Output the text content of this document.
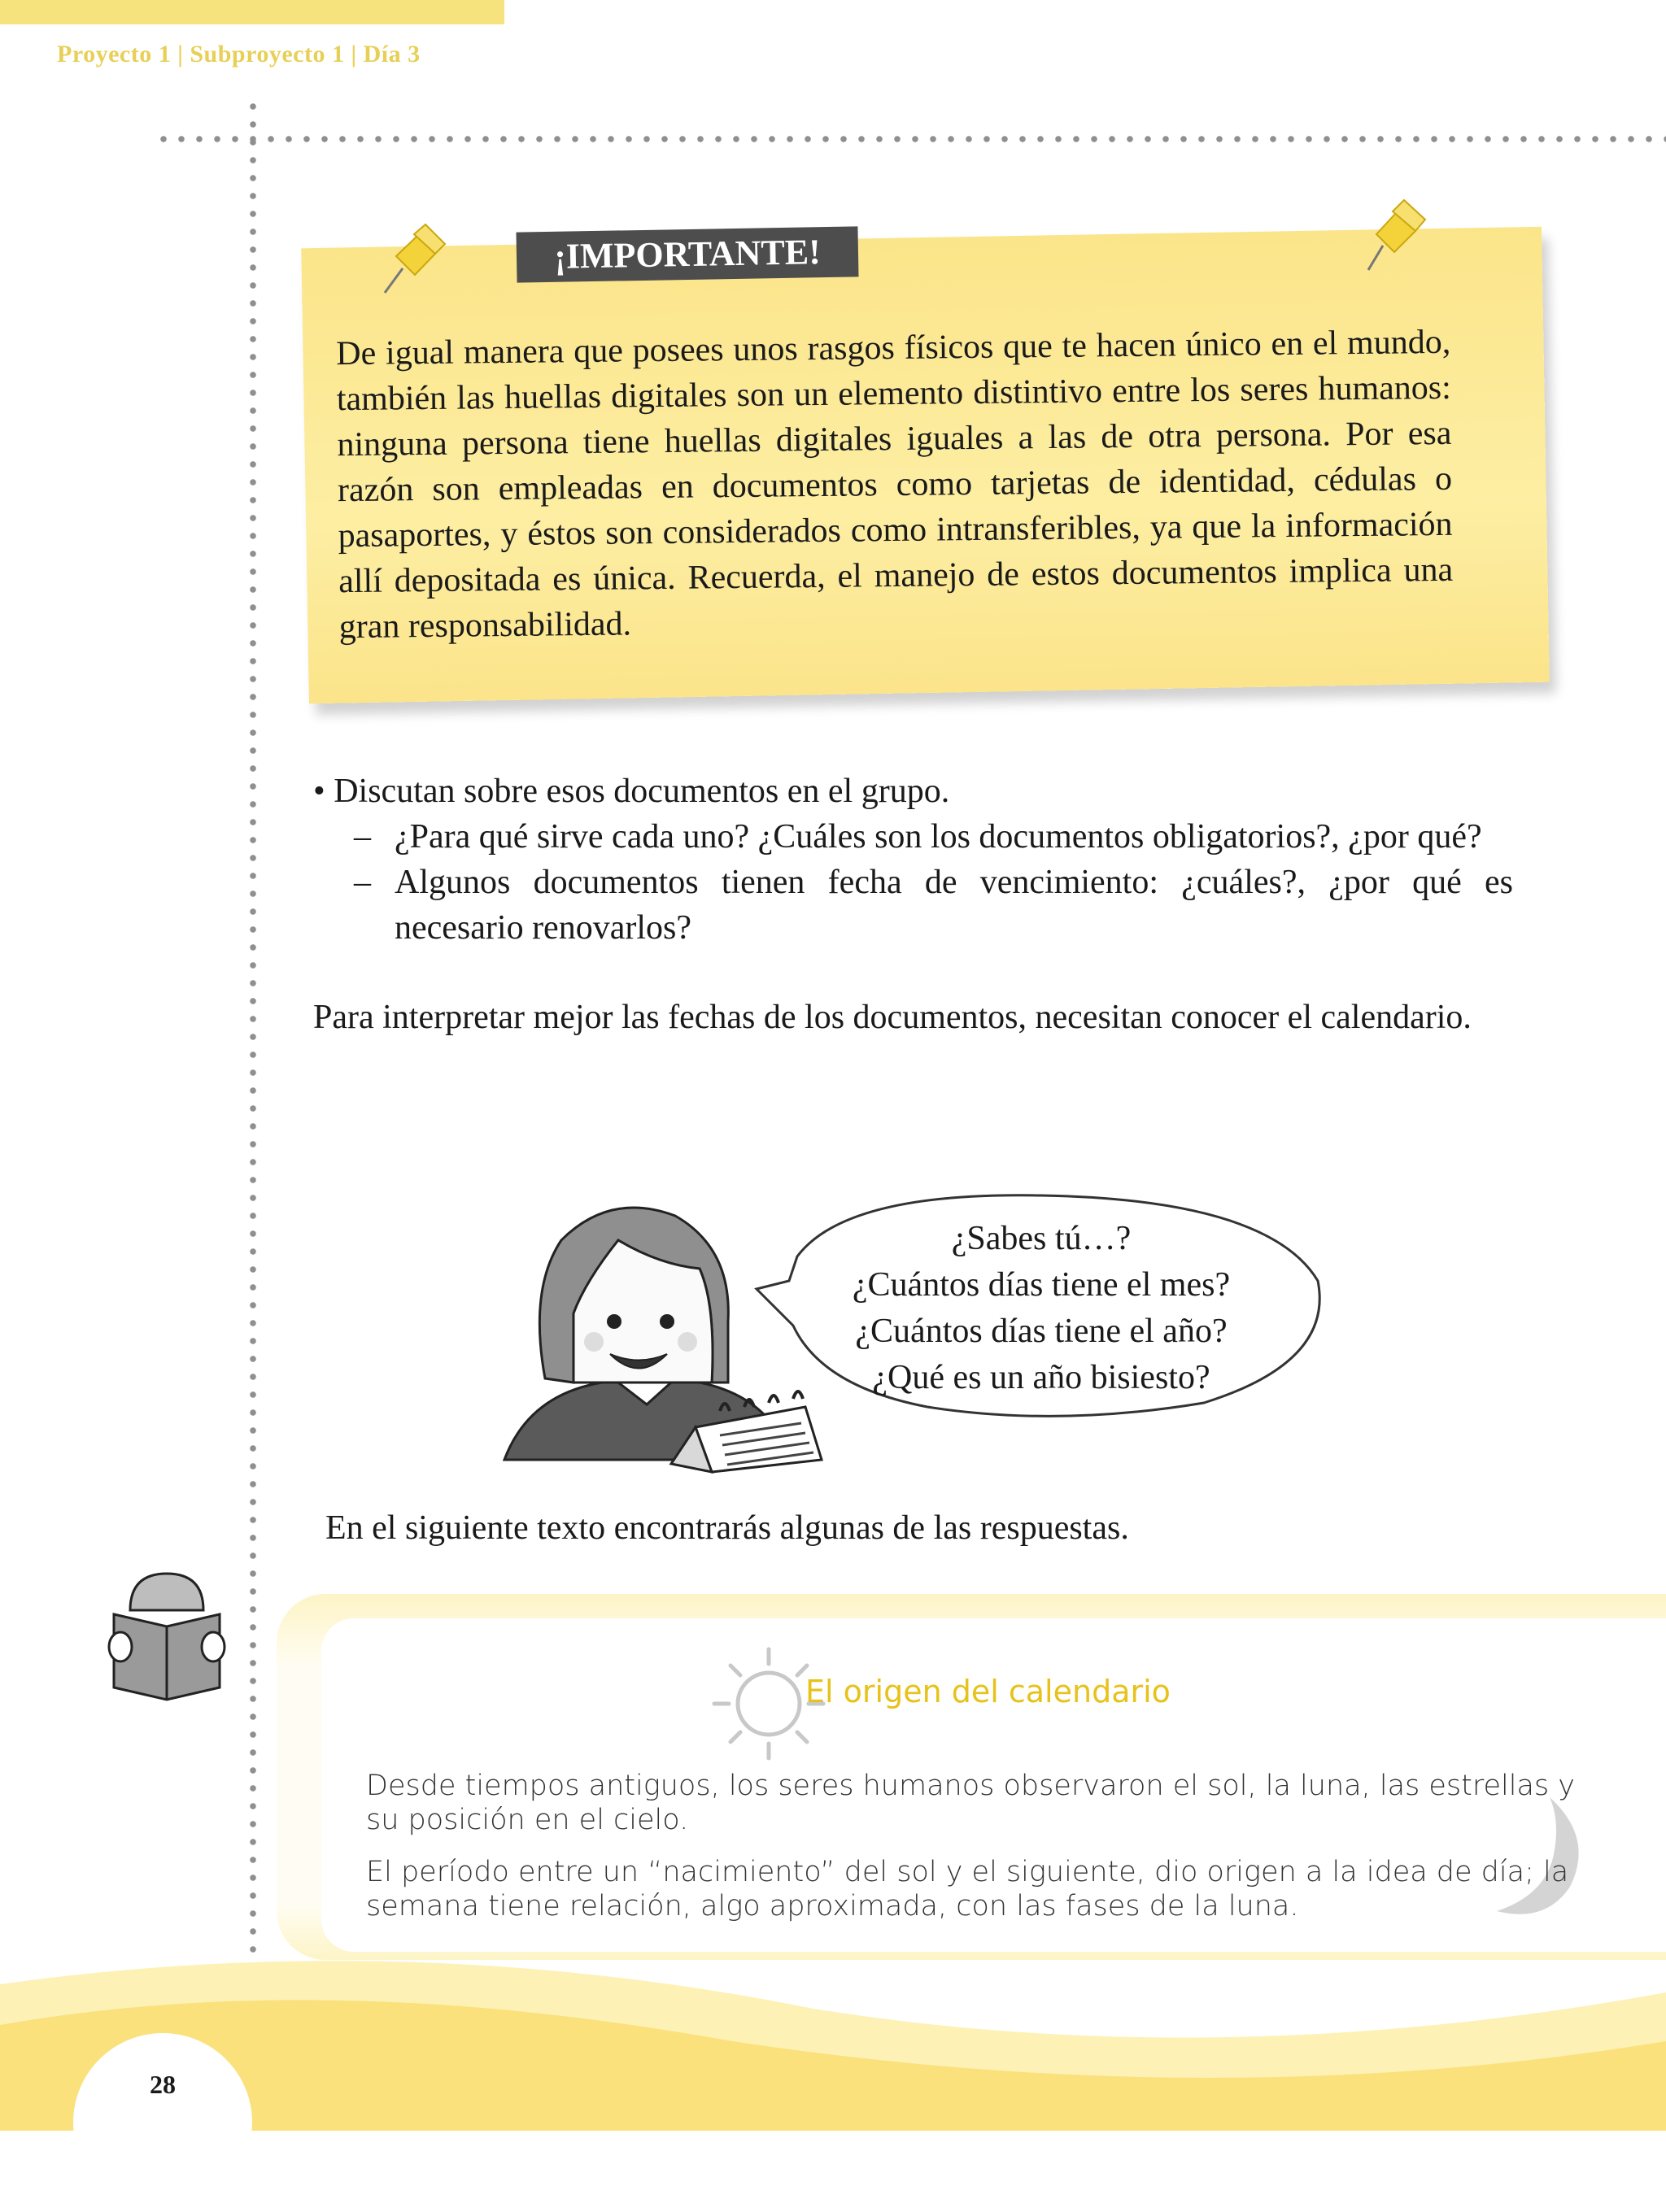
Proyecto 1 | Subproyecto 1 | Día 3
¡IMPORTANTE!
De igual manera que posees unos rasgos físicos que te hacen único en el mundo, también las huellas digitales son un elemento distintivo entre los seres humanos: ninguna persona tiene huellas digitales iguales a las de otra persona. Por esa razón son empleadas en documentos como tarjetas de identidad, cédulas o pasaportes, y éstos son considerados como intransferibles, ya que la información allí depositada es única. Recuerda, el manejo de estos documentos implica una gran responsabilidad.

• Discutan sobre esos documentos en el grupo.

– ¿Para qué sirve cada uno? ¿Cuáles son los documentos obligatorios?, ¿por qué?
– Algunos documentos tienen fecha de vencimiento: ¿cuáles?, ¿por qué es necesario renovarlos?

Para interpretar mejor las fechas de los documentos, necesitan conocer el calendario.

¿Sabes tú…?
¿Cuántos días tiene el mes?
¿Cuántos días tiene el año?
¿Qué es un año bisiesto?
En el siguiente texto encontrarás algunas de las respuestas.
El origen del calendario

Desde tiempos antiguos, los seres humanos observaron el sol, la luna, las estrellas y su posición en el cielo.

El período entre un “nacimiento” del sol y el siguiente, dio origen a la idea de día; la semana tiene relación, algo aproximada, con las fases de la luna.

28
